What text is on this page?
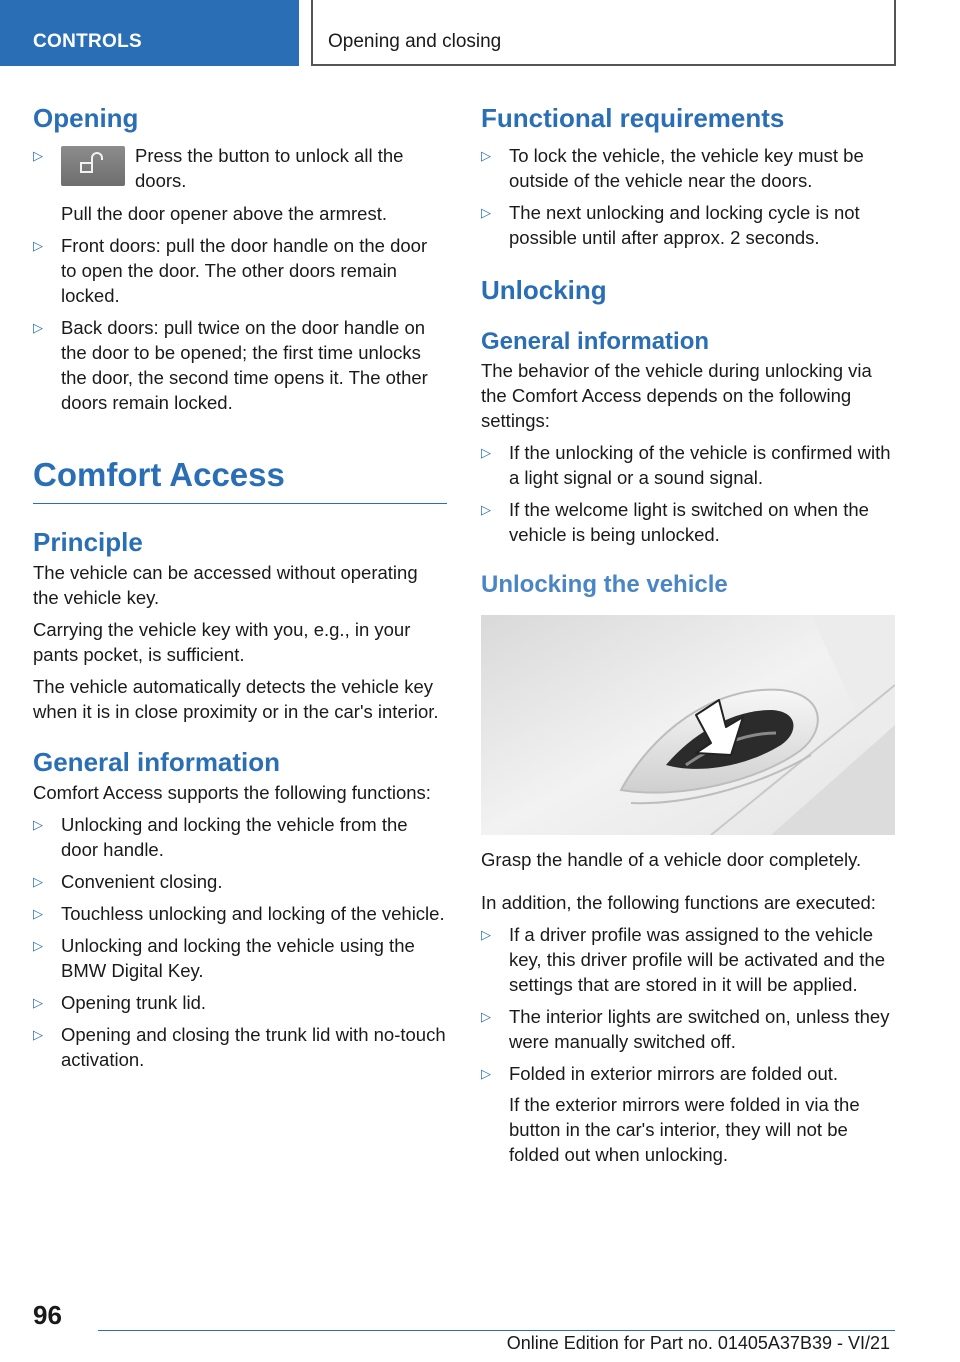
CONTROLS	Opening and closing
Opening
▷	Press the button to unlock all the doors.
Pull the door opener above the armrest.
▷ Front doors: pull the door handle on the door to open the door. The other doors remain locked.
▷ Back doors: pull twice on the door handle on the door to be opened; the first time unlocks the door, the second time opens it. The other doors remain locked.
Comfort Access
Principle

The vehicle can be accessed without operating the vehicle key.

Carrying the vehicle key with you, e.g., in your pants pocket, is sufficient.

The vehicle automatically detects the vehicle key when it is in close proximity or in the car's interior.

General information

Comfort Access supports the following functions:

▷ Unlocking and locking the vehicle from the door handle.
▷ Convenient closing.
▷ Touchless unlocking and locking of the vehicle.
▷ Unlocking and locking the vehicle using the BMW Digital Key.
▷ Opening trunk lid.
▷ Opening and closing the trunk lid with no-touch activation.
Functional requirements
▷ To lock the vehicle, the vehicle key must be outside of the vehicle near the doors.
▷ The next unlocking and locking cycle is not possible until after approx. 2 seconds.
Unlocking
General information

The behavior of the vehicle during unlocking via the Comfort Access depends on the following settings:

▷ If the unlocking of the vehicle is confirmed with a light signal or a sound signal.
▷ If the welcome light is switched on when the vehicle is being unlocked.
Unlocking the vehicle

Grasp the handle of a vehicle door completely.

In addition, the following functions are executed:

▷ If a driver profile was assigned to the vehicle key, this driver profile will be activated and the settings that are stored in it will be applied.
▷ The interior lights are switched on, unless they were manually switched off.
▷ Folded in exterior mirrors are folded out.
If the exterior mirrors were folded in via the button in the car's interior, they will not be folded out when unlocking.
96
Online Edition for Part no. 01405A37B39 - VI/21
